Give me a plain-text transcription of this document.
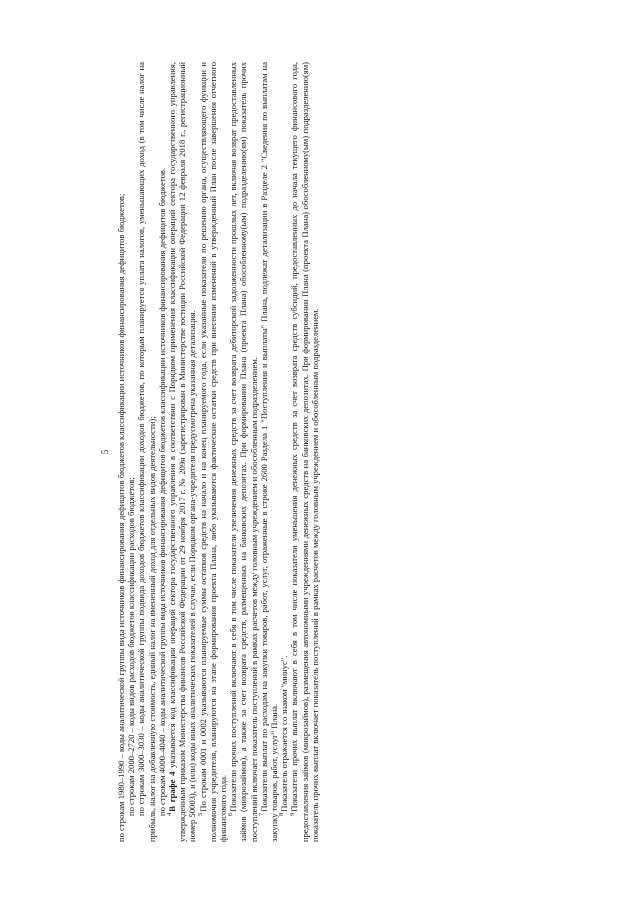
5 по строкам 1980–1990 – коды аналитической группы вида источников финансирования дефицитов бюджетов классификации источников финансирования дефицитов бюджетов; по строкам 2000–2720 – коды видов расходов бюджетов классификации расходов бюджетов; по строкам 3000–3030 – коды аналитической группы подвида доходов бюджетов классификации доходов бюджетов, по которым планируется уплата налогов, уменьшающих доход (в том числе налог на прибыль, налог на добавленную стоимость, единый налог на вмененный доход для отдельных видов деятельности); по строкам 4000–4040 – коды аналитической группы вида источников финансирования дефицитов бюджетов классификации источников финансирования дефицитов бюджетов. $^4$В графе 4 указывается код классификации операций сектора государственного управления в соответствии с Порядком применения классификации операций сектора государственного управления, утвержденным приказом Министерства финансов Российской Федерации от 29 ноября 2017 г. № 209н (зарегистрирован в Министерстве юстиции Российской Федерации 12 февраля 2018 г., регистрационный номер 50003), и (или) коды иных аналитических показателей в случае, если Порядком органа-учредителя предусмотрена указанная детализация. $^5$По строкам 0001 и 0002 указываются планируемые суммы остатков средств на начало и на конец планируемого года, если указанные показатели по решению органа, осуществляющего функции и полномочия учредителя, планируются на этапе формирования проекта Плана, либо указываются фактические остатки средств при внесении изменений в утвержденный План после завершения отчетного финансового года. $^6$Показатели прочих поступлений включают в себя в том числе показатели увеличения денежных средств за счет возврата дебиторской задолженности прошлых лет, включая возврат предоставленных займов (микрозаймов), а также за счет возврата средств, размещенных на банковских депозитах. При формировании Плана (проекта Плана) обособленному(ым) подразделению(ям) показатель прочих поступлений включает показатель поступлений в рамках расчетов между головным учреждением и обособленным подразделением. $^7$Показатели выплат по расходам на закупки товаров, работ, услуг, отраженные в строке 2600 Раздела 1 "Поступления и выплаты" Плана, подлежат детализации в Разделе 2 "Сведения по выплатам на закупку товаров, работ, услуг" Плана. $^8$Показатель отражается со знаком "минус".

$^9$Показатели прочих выплат включают в себя в том числе показатели уменьшения денежных средств за счет возврата средств субсидий, предоставленных до начала текущего финансового года, предоставления займов (микрозаймов), размещения автономными учреждениями денежных средств на банковских депозитах. При формировании Плана (проекта Плана) обособленному(ым) подразделению(ям) показатель прочих выплат включает показатель поступлений в рамках расчетов между головным учреждением и обособленным подразделением.
